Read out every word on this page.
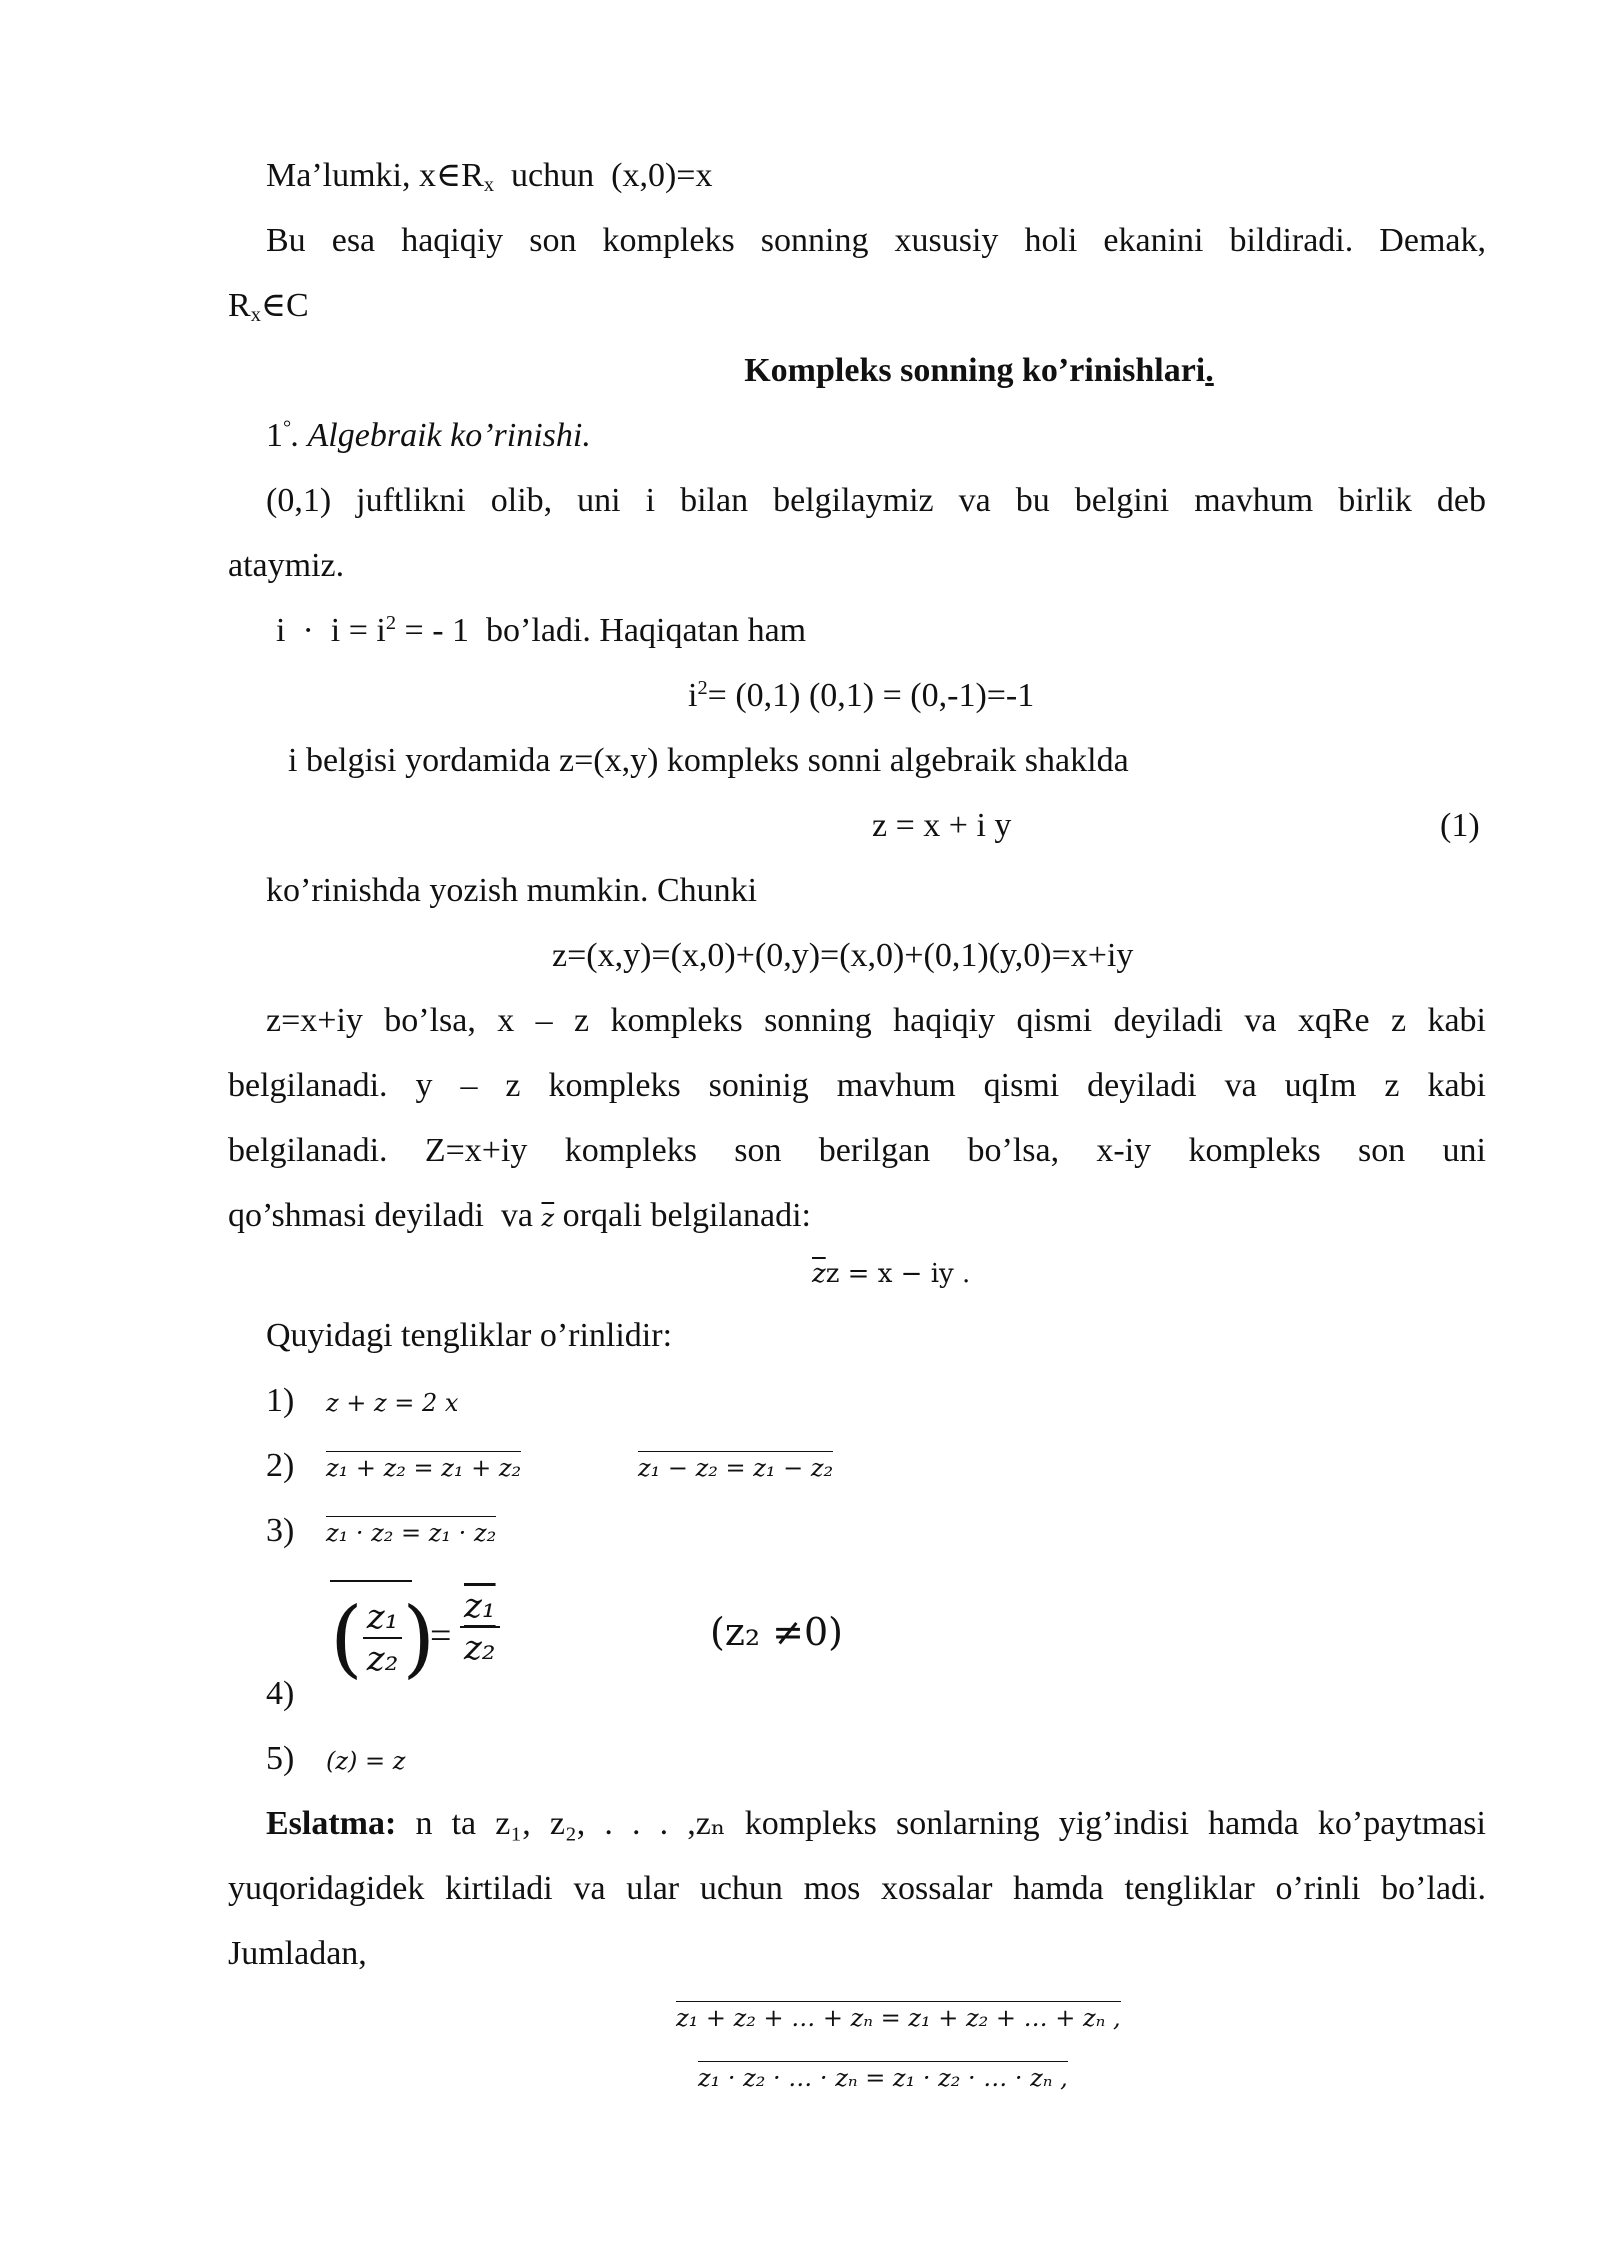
Ma’lumki, $x\in R_x$  uchun  (x,0)=x
Bu esa haqiqiy son kompleks sonning xususiy holi ekanini bildiradi. Demak,
$R_x\in C$
Kompleks sonning ko’rinishlari.
1°. Algebraik ko’rinishi.
(0,1) juftlikni olib, uni i bilan belgilaymiz va bu belgini mavhum birlik deb
ataymiz.
$i \cdot i = i^2$ = - 1  bo’ladi. Haqiqatan ham
$i^2= (0,1) (0,1) = (0,-1)=-1$
i belgisi yordamida z=(x,y) kompleks sonni algebraik shaklda
z = x + i y	(1)
ko’rinishda yozish mumkin. Chunki
z=(x,y)=(x,0)+(0,y)=(x,0)+(0,1)(y,0)=x+iy
z=x+iy bo’lsa, x – z kompleks sonning haqiqiy qismi deyiladi va xqRe z kabi
belgilanadi. y – z kompleks soninig mavhum qismi deyiladi va uqIm z kabi
belgilanadi. Z=x+iy kompleks son berilgan bo’lsa, x-iy kompleks son uni
qo’shmasi deyiladi  va $\overline{z}$ orqali belgilanadi:
$\overline{z}z = x$ − iy .
Quyidagi tengliklar o’rinlidir:
1) z + z = 2 x
2) z₁ + z₂ = z₁ + z₂	z₁ − z₂ = z₁ − z₂
3) z₁ · z₂ = z₁ · z₂
4)
( $\frac{\text{z₁}}{\text{z₂}}$ )
= $\frac{\text{z₁}}{\text{z₂}}$	(z₂ ≠0)
5) (z) = z
Eslatma: n ta z₁, z₂, . . . ,zₙ kompleks sonlarning yig’indisi hamda ko’paytmasi
yuqoridagidek kirtiladi va ular uchun mos xossalar hamda tengliklar o’rinli bo’ladi.
Jumladan,
z₁ + z₂ + … + zₙ = z₁ + z₂ + … + zₙ ,
z₁ · z₂ · … · zₙ = z₁ · z₂ · … · zₙ ,
